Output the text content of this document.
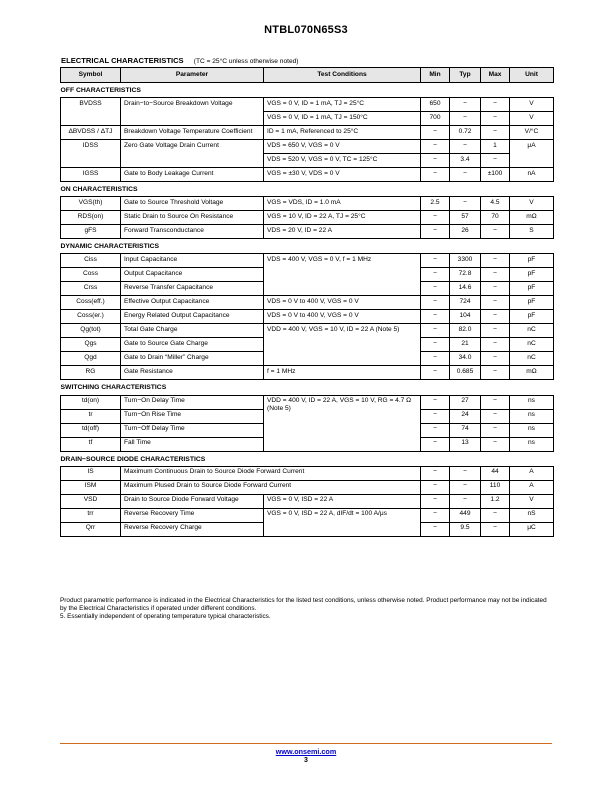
NTBL070N65S3
ELECTRICAL CHARACTERISTICS (TC = 25°C unless otherwise noted)
Symbol	Parameter	Test Conditions	Min	Typ	Max	Unit
OFF CHARACTERISTICS						
BVDSS	Drain−to−Source Breakdown Voltage	VGS = 0 V, ID = 1 mA, TJ = 25°C	650	−	−	V
		VGS = 0 V, ID = 1 mA, TJ = 150°C	700	−	−	V
ΔBVDSS / ΔTJ	Breakdown Voltage Temperature Coefficient	ID = 1 mA, Referenced to 25°C	−	0.72	−	V/°C
IDSS	Zero Gate Voltage Drain Current	VDS = 650 V, VGS = 0 V	−	−	1	μA
		VDS = 520 V, VGS = 0 V, TC = 125°C	−	3.4	−	
IGSS	Gate to Body Leakage Current	VGS = ±30 V, VDS = 0 V	−	−	±100	nA
ON CHARACTERISTICS						
VGS(th)	Gate to Source Threshold Voltage	VGS = VDS, ID = 1.0 mA	2.5	−	4.5	V
RDS(on)	Static Drain to Source On Resistance	VGS = 10 V, ID = 22 A, TJ = 25°C	−	57	70	mΩ
gFS	Forward Transconductance	VDS = 20 V, ID = 22 A	−	26	−	S
DYNAMIC CHARACTERISTICS						
Ciss	Input Capacitance	VDS = 400 V, VGS = 0 V, f = 1 MHz	−	3300	−	pF
Coss	Output Capacitance		−	72.8	−	pF
Crss	Reverse Transfer Capacitance		−	14.6	−	pF
Coss(eff.)	Effective Output Capacitance	VDS = 0 V to 400 V, VGS = 0 V	−	724	−	pF
Coss(er.)	Energy Related Output Capacitance	VDS = 0 V to 400 V, VGS = 0 V	−	104	−	pF
Qg(tot)	Total Gate Charge	VDD = 400 V, VGS = 10 V, ID = 22 A (Note 5)	−	82.0	−	nC
Qgs	Gate to Source Gate Charge		−	21	−	nC
Qgd	Gate to Drain “Miller” Charge		−	34.0	−	nC
RG	Gate Resistance	f = 1 MHz	−	0.685	−	mΩ
SWITCHING CHARACTERISTICS						
td(on)	Turn−On Delay Time	VDD = 400 V, ID = 22 A, VGS = 10 V, RG = 4.7 Ω (Note 5)	−	27	−	ns
tr	Turn−On Rise Time		−	24	−	ns
td(off)	Turn−Off Delay Time		−	74	−	ns
tf	Fall Time		−	13	−	ns
DRAIN−SOURCE DIODE CHARACTERISTICS						
IS	Maximum Continuous Drain to Source Diode Forward Current		−	−	44	A
ISM	Maximum Plused Drain to Source Diode Forward Current		−	−	110	A
VSD	Drain to Source Diode Forward Voltage	VGS = 0 V, ISD = 22 A	−	−	1.2	V
trr	Reverse Recovery Time	VGS = 0 V, ISD = 22 A, dIF/dt = 100 A/μs	−	449	−	nS
Qrr	Reverse Recovery Charge		−	9.5	−	μC
Product parametric performance is indicated in the Electrical Characteristics for the listed test conditions, unless otherwise noted. Product performance may not be indicated by the Electrical Characteristics if operated under different conditions.
5. Essentially independent of operating temperature typical characteristics.
www.onsemi.com
3
